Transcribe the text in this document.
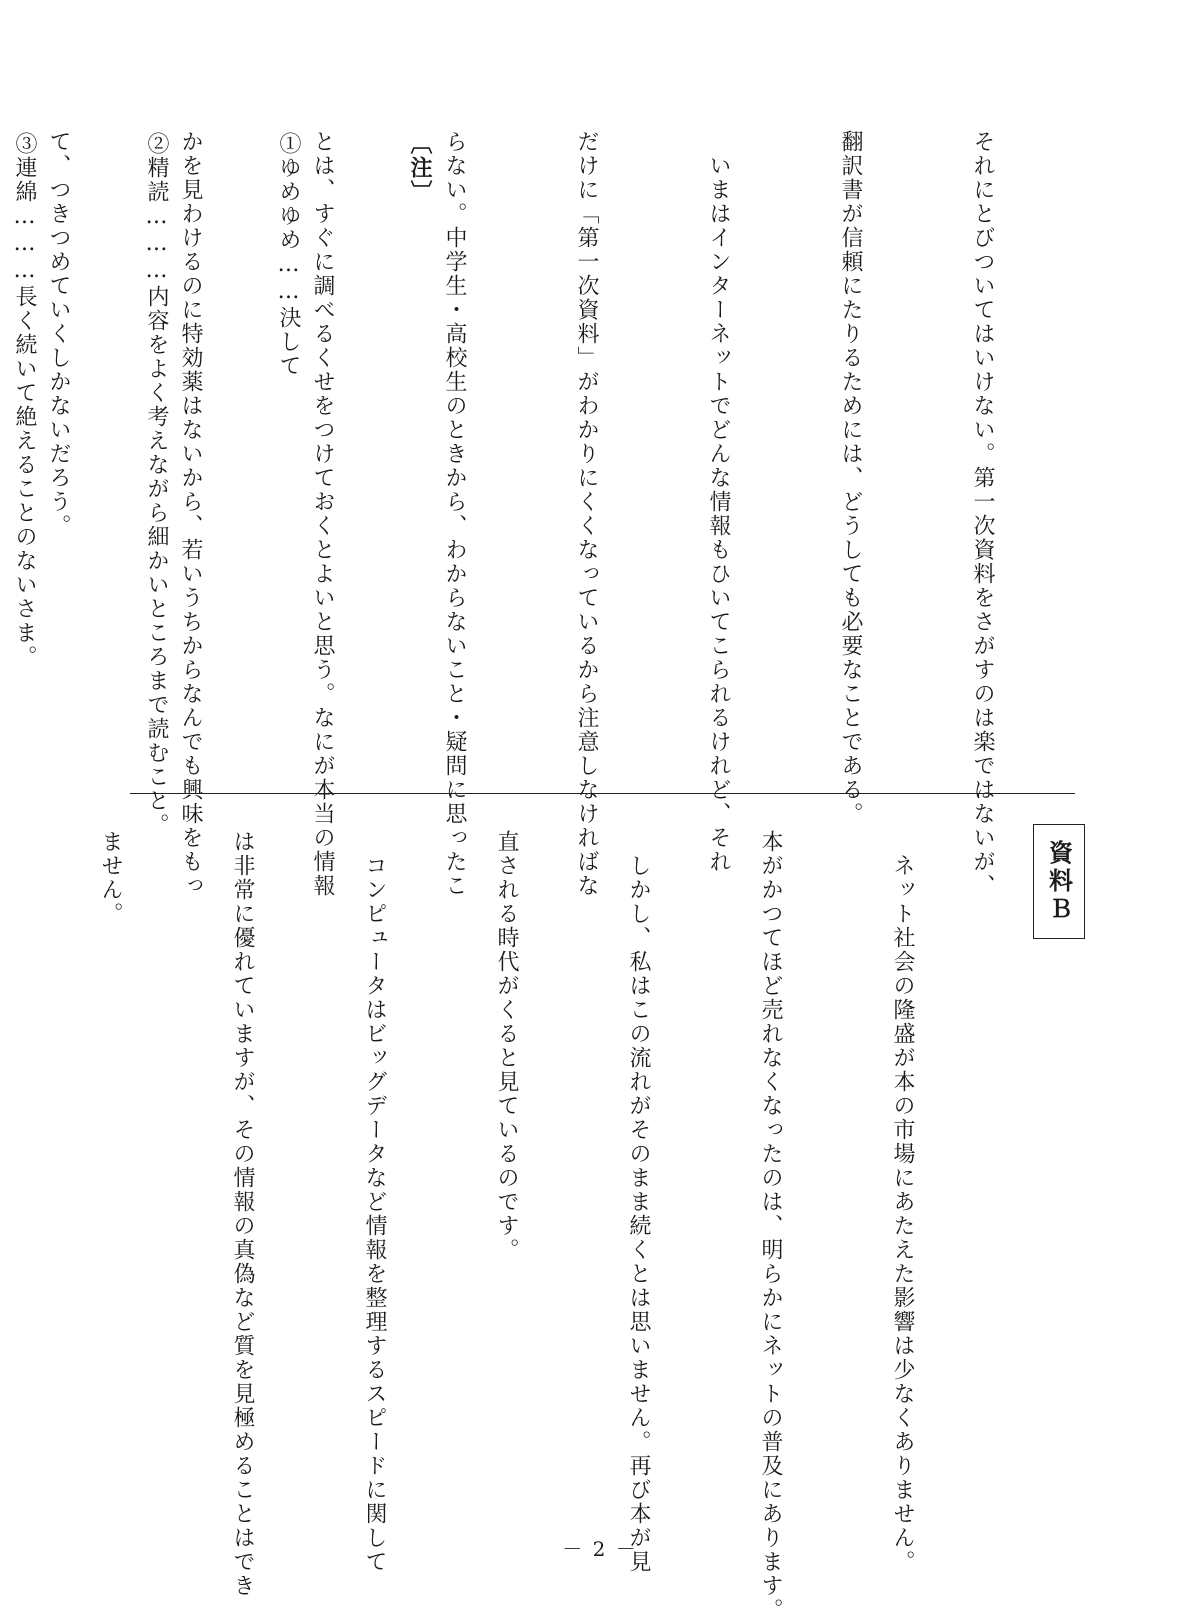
それにとびついてはいけない。第一次資料をさがすのは楽ではないが、

翻訳書が信頼にたりるためには、どうしても必要なことである。

　いまはインターネットでどんな情報もひいてこられるけれど、それ

だけに「第一次資料」がわかりにくくなっているから注意しなければな

らない。中学生・高校生のときから、わからないこと・疑問に思ったこ

とは、すぐに調べるくせをつけておくとよいと思う。なにが本当の情報

かを見わけるのに特効薬はないから、若いうちからなんでも興味をもっ

て、つきつめていくしかないだろう。

	〔注〕

①ゆめゆめ……決して

②精読………内容をよく考えながら細かいところまで読むこと。

③連綿………長く続いて絶えることのないさま。

資料Ｂ

　ネット社会の隆盛が本の市場にあたえた影響は少なくありません。

本がかつてほど売れなくなったのは、明らかにネットの普及にあります。

　しかし、私はこの流れがそのまま続くとは思いません。再び本が見

直される時代がくると見ているのです。

　コンピュータはビッグデータなど情報を整理するスピードに関して

は非常に優れていますが、その情報の真偽など質を見極めることはでき

ません。

－ 2 －
